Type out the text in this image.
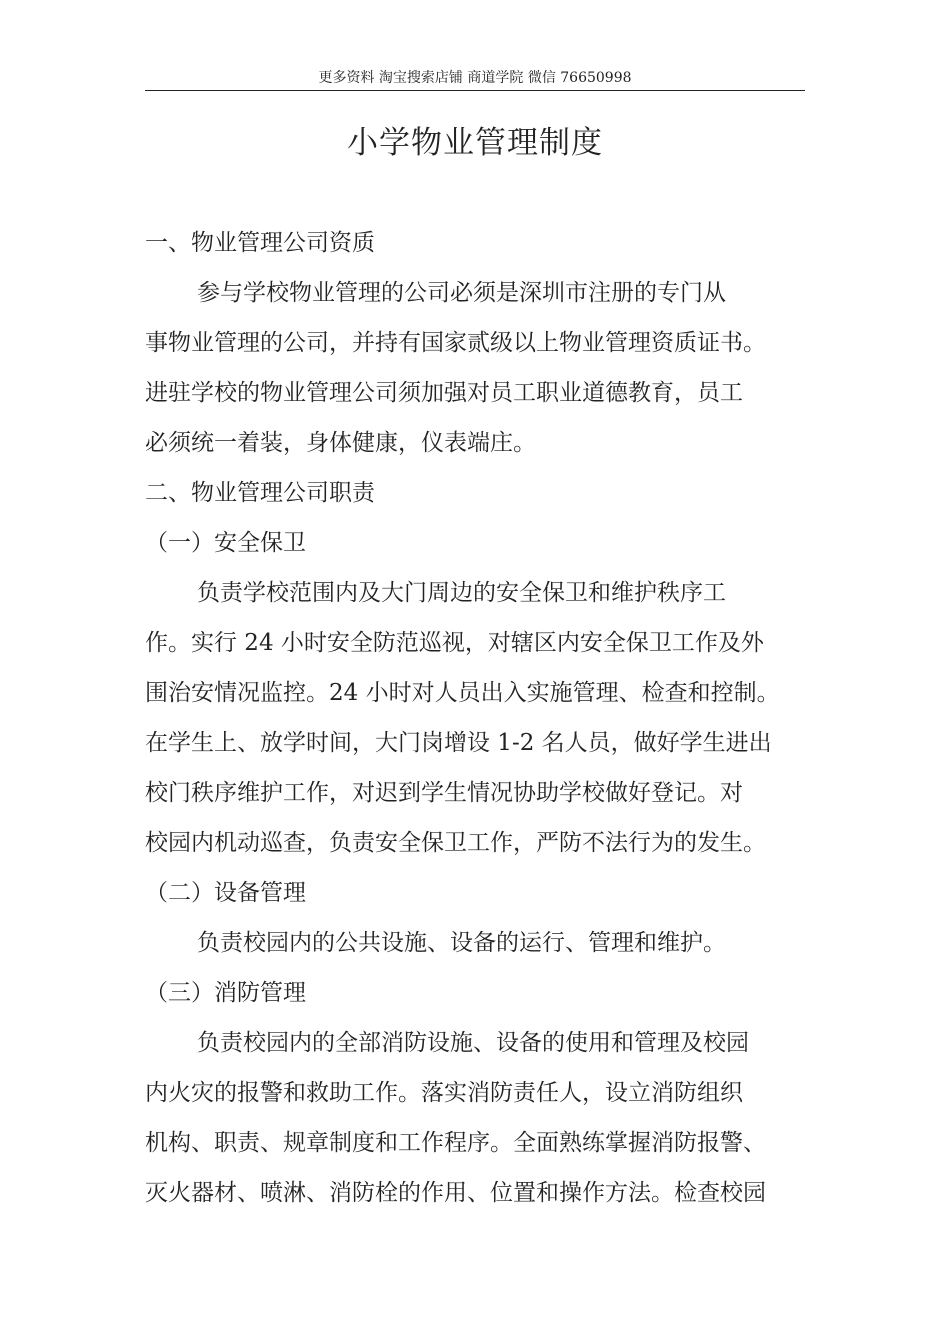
更多资料 淘宝搜索店铺 商道学院 微信 76650998
小学物业管理制度
一、物业管理公司资质
参与学校物业管理的公司必须是深圳市注册的专门从
事物业管理的公司，并持有国家贰级以上物业管理资质证书。
进驻学校的物业管理公司须加强对员工职业道德教育，员工
必须统一着装，身体健康，仪表端庄。
二、物业管理公司职责
（一）安全保卫
负责学校范围内及大门周边的安全保卫和维护秩序工
作。实行 24 小时安全防范巡视，对辖区内安全保卫工作及外
围治安情况监控。24 小时对人员出入实施管理、检查和控制。
在学生上、放学时间，大门岗增设 1-2 名人员，做好学生进出
校门秩序维护工作，对迟到学生情况协助学校做好登记。对
校园内机动巡查，负责安全保卫工作，严防不法行为的发生。
（二）设备管理
负责校园内的公共设施、设备的运行、管理和维护。
（三）消防管理
负责校园内的全部消防设施、设备的使用和管理及校园
内火灾的报警和救助工作。落实消防责任人，设立消防组织
机构、职责、规章制度和工作程序。全面熟练掌握消防报警、
灭火器材、喷淋、消防栓的作用、位置和操作方法。检查校园
